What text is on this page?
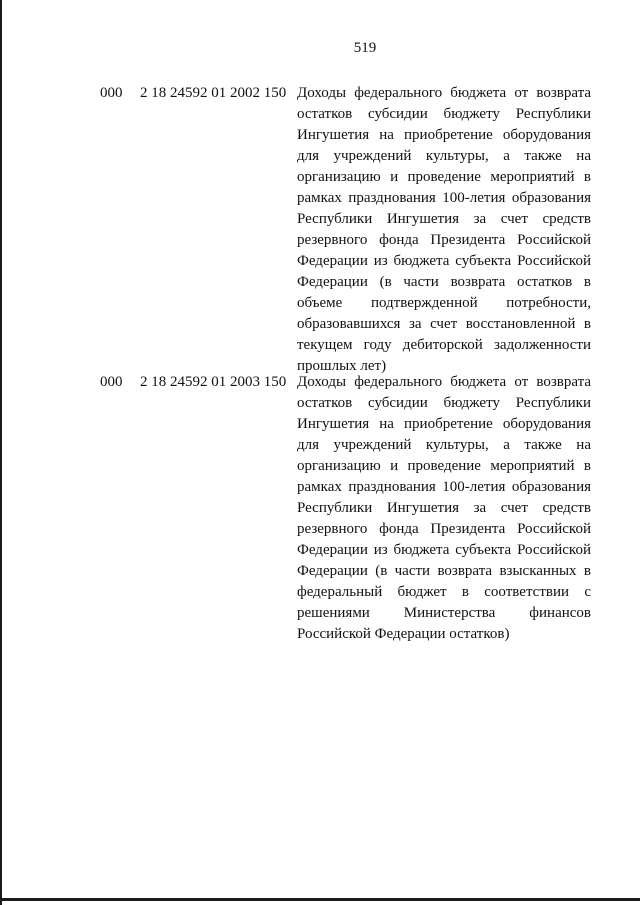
519
000 2 18 24592 01 2002 150 Доходы федерального бюджета от возврата остатков субсидии бюджету Республики Ингушетия на приобретение оборудования для учреждений культуры, а также на организацию и проведение мероприятий в рамках празднования 100-летия образования Республики Ингушетия за счет средств резервного фонда Президента Российской Федерации из бюджета субъекта Российской Федерации (в части возврата остатков в объеме подтвержденной потребности, образовавшихся за счет восстановленной в текущем году дебиторской задолженности прошлых лет)
000 2 18 24592 01 2003 150 Доходы федерального бюджета от возврата остатков субсидии бюджету Республики Ингушетия на приобретение оборудования для учреждений культуры, а также на организацию и проведение мероприятий в рамках празднования 100-летия образования Республики Ингушетия за счет средств резервного фонда Президента Российской Федерации из бюджета субъекта Российской Федерации (в части возврата взысканных в федеральный бюджет в соответствии с решениями Министерства финансов Российской Федерации остатков)
